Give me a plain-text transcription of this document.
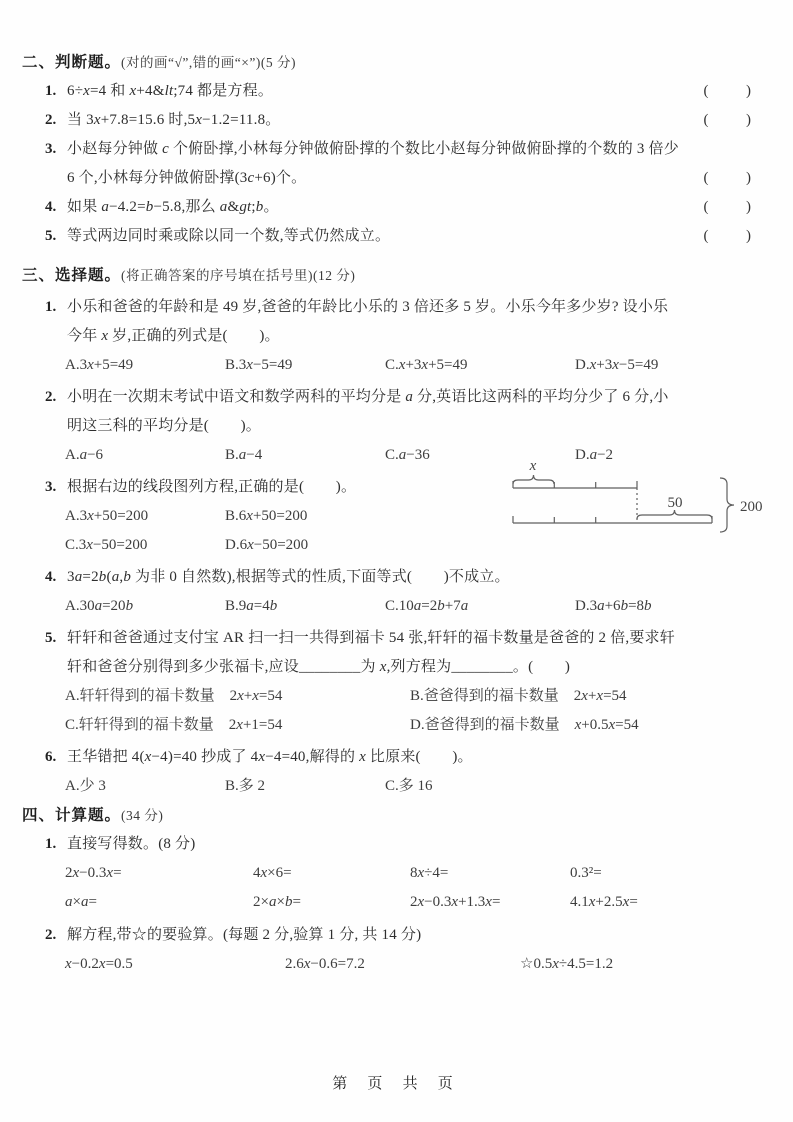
二、判断题。(对的画“√”,错的画“×”)(5 分)
1. 6÷x=4 和 x+4&lt;74 都是方程。	(          )
2. 当 3x+7.8=15.6 时,5x−1.2=11.8。	(          )
3. 小赵每分钟做 c 个俯卧撑,小林每分钟做俯卧撑的个数比小赵每分钟做俯卧撑的个数的 3 倍少
6 个,小林每分钟做俯卧撑(3c+6)个。	(          )
4. 如果 a−4.2=b−5.8,那么 a&gt;b。	(          )
5. 等式两边同时乘或除以同一个数,等式仍然成立。	(          )
三、选择题。(将正确答案的序号填在括号里)(12 分)
1. 小乐和爸爸的年龄和是 49 岁,爸爸的年龄比小乐的 3 倍还多 5 岁。小乐今年多少岁? 设小乐
今年 x 岁,正确的列式是(        )。
A.3x+5=49	B.3x−5=49	C.x+3x+5=49	D.x+3x−5=49
2. 小明在一次期末考试中语文和数学两科的平均分是 a 分,英语比这两科的平均分少了 6 分,小
明这三科的平均分是(        )。
A.a−6	B.a−4	C.a−36	D.a−2
3. 根据右边的线段图列方程,正确的是(        )。
A.3x+50=200	B.6x+50=200
C.3x−50=200	D.6x−50=200
4. 3a=2b(a,b 为非 0 自然数),根据等式的性质,下面等式(        )不成立。
A.30a=20b	B.9a=4b	C.10a=2b+7a	D.3a+6b=8b
5. 轩轩和爸爸通过支付宝 AR 扫一扫一共得到福卡 54 张,轩轩的福卡数量是爸爸的 2 倍,要求轩
轩和爸爸分别得到多少张福卡,应设________为 x,列方程为________。(        )
A.轩轩得到的福卡数量　2x+x=54	B.爸爸得到的福卡数量　2x+x=54
C.轩轩得到的福卡数量　2x+1=54	D.爸爸得到的福卡数量　x+0.5x=54
6. 王华错把 4(x−4)=40 抄成了 4x−4=40,解得的 x 比原来(        )。
A.少 3	B.多 2	C.多 16
四、计算题。(34 分)
1. 直接写得数。(8 分)
2x−0.3x=	4x×6=	8x÷4=	0.3²=
a×a=	2×a×b=	2x−0.3x+1.3x=	4.1x+2.5x=
2. 解方程,带☆的要验算。(每题 2 分,验算 1 分, 共 14 分)
x−0.2x=0.5	2.6x−0.6=7.2	☆0.5x÷4.5=1.2
x
50	200
第 页 共 页
